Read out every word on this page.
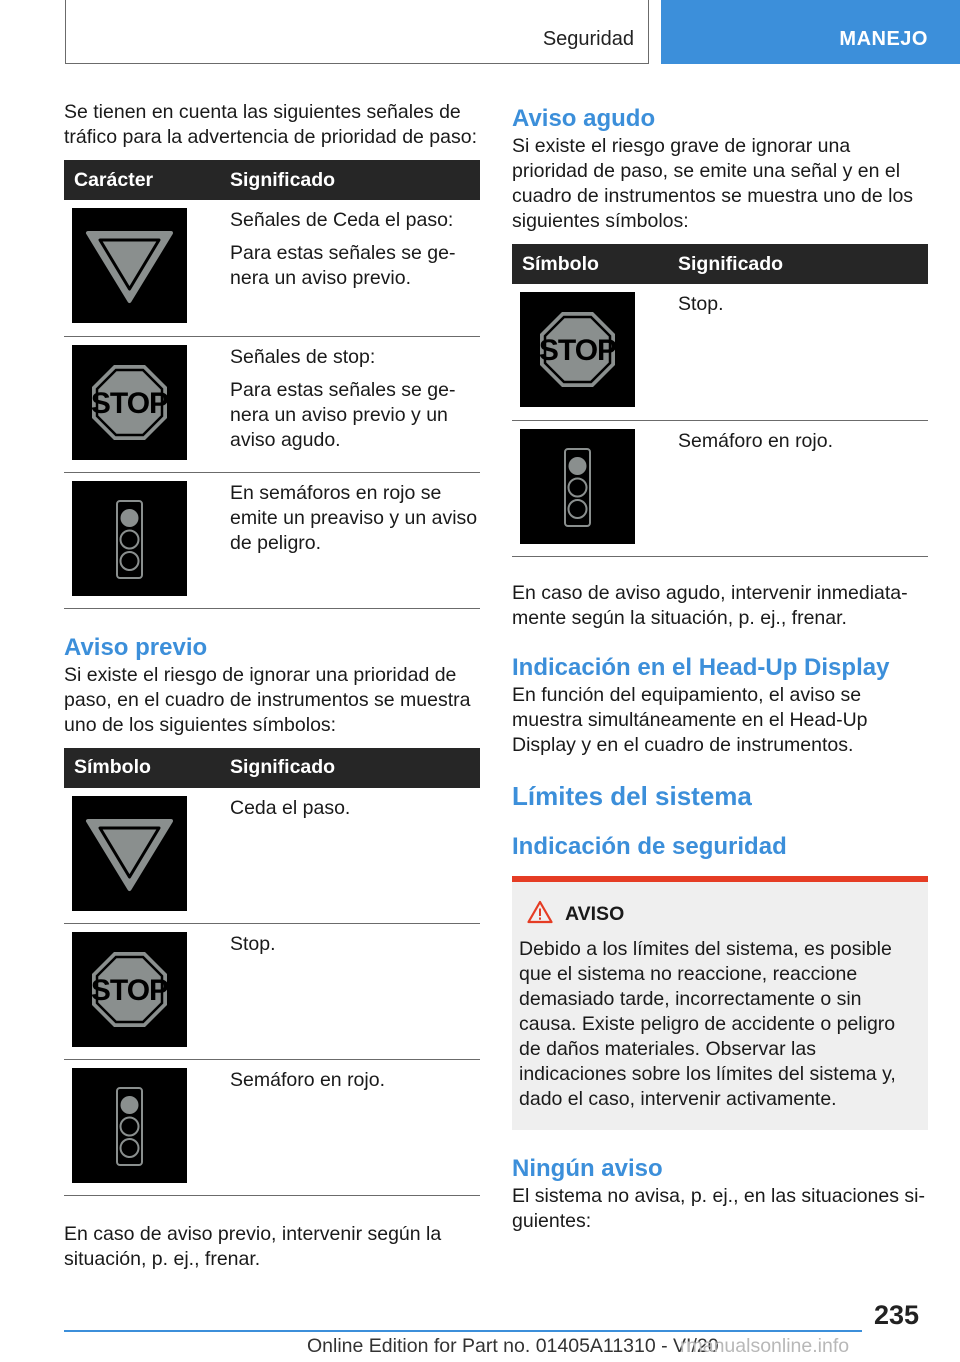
Seguridad	MANEJO

Se tienen en cuenta las siguientes señales de tráfico para la advertencia de prioridad de paso:

Carácter	Significado

Señales de Ceda el paso:

Para estas señales se genera un aviso previo.

Señales de stop:

Para estas señales se genera un aviso previo y un aviso agudo.

En semáforos en rojo se emite un preaviso y un aviso de peligro.

Aviso previo

Si existe el riesgo de ignorar una prioridad de paso, en el cuadro de instrumentos se muestra uno de los siguientes símbolos:

Símbolo	Significado

Ceda el paso.

Stop.

Semáforo en rojo.

En caso de aviso previo, intervenir según la situación, p. ej., frenar.

Aviso agudo

Si existe el riesgo grave de ignorar una prioridad de paso, se emite una señal y en el cuadro de instrumentos se muestra uno de los siguientes símbolos:

Símbolo	Significado

Stop.

Semáforo en rojo.

En caso de aviso agudo, intervenir inmediatamente según la situación, p. ej., frenar.

Indicación en el Head-Up Display

En función del equipamiento, el aviso se muestra simultáneamente en el Head-Up Display y en el cuadro de instrumentos.

Límites del sistema
Indicación de seguridad
AVISO

Debido a los límites del sistema, es posible que el sistema no reaccione, reaccione demasiado tarde, incorrectamente o sin causa. Existe peligro de accidente o peligro de daños materiales. Observar las indicaciones sobre los límites del sistema y, dado el caso, intervenir activamente.

Ningún aviso

El sistema no avisa, p. ej., en las situaciones siguientes:

235
Online Edition for Part no. 01405A11310 - VI/20
rmanualsonline.info
